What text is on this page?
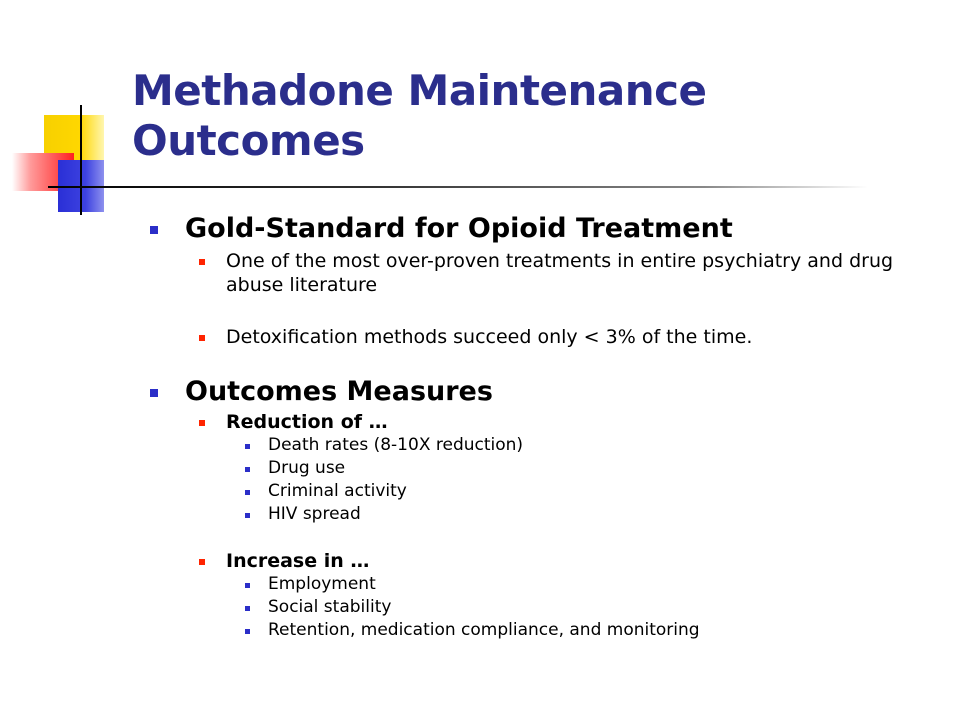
Methadone Maintenance
Outcomes
Gold-Standard for Opioid Treatment
One of the most over-proven treatments in entire psychiatry and drug abuse literature
Detoxification methods succeed only < 3% of the time.
Outcomes Measures
Reduction of …
Death rates (8-10X reduction)
Drug use
Criminal activity
HIV spread
Increase in …
Employment
Social stability
Retention, medication compliance, and monitoring
